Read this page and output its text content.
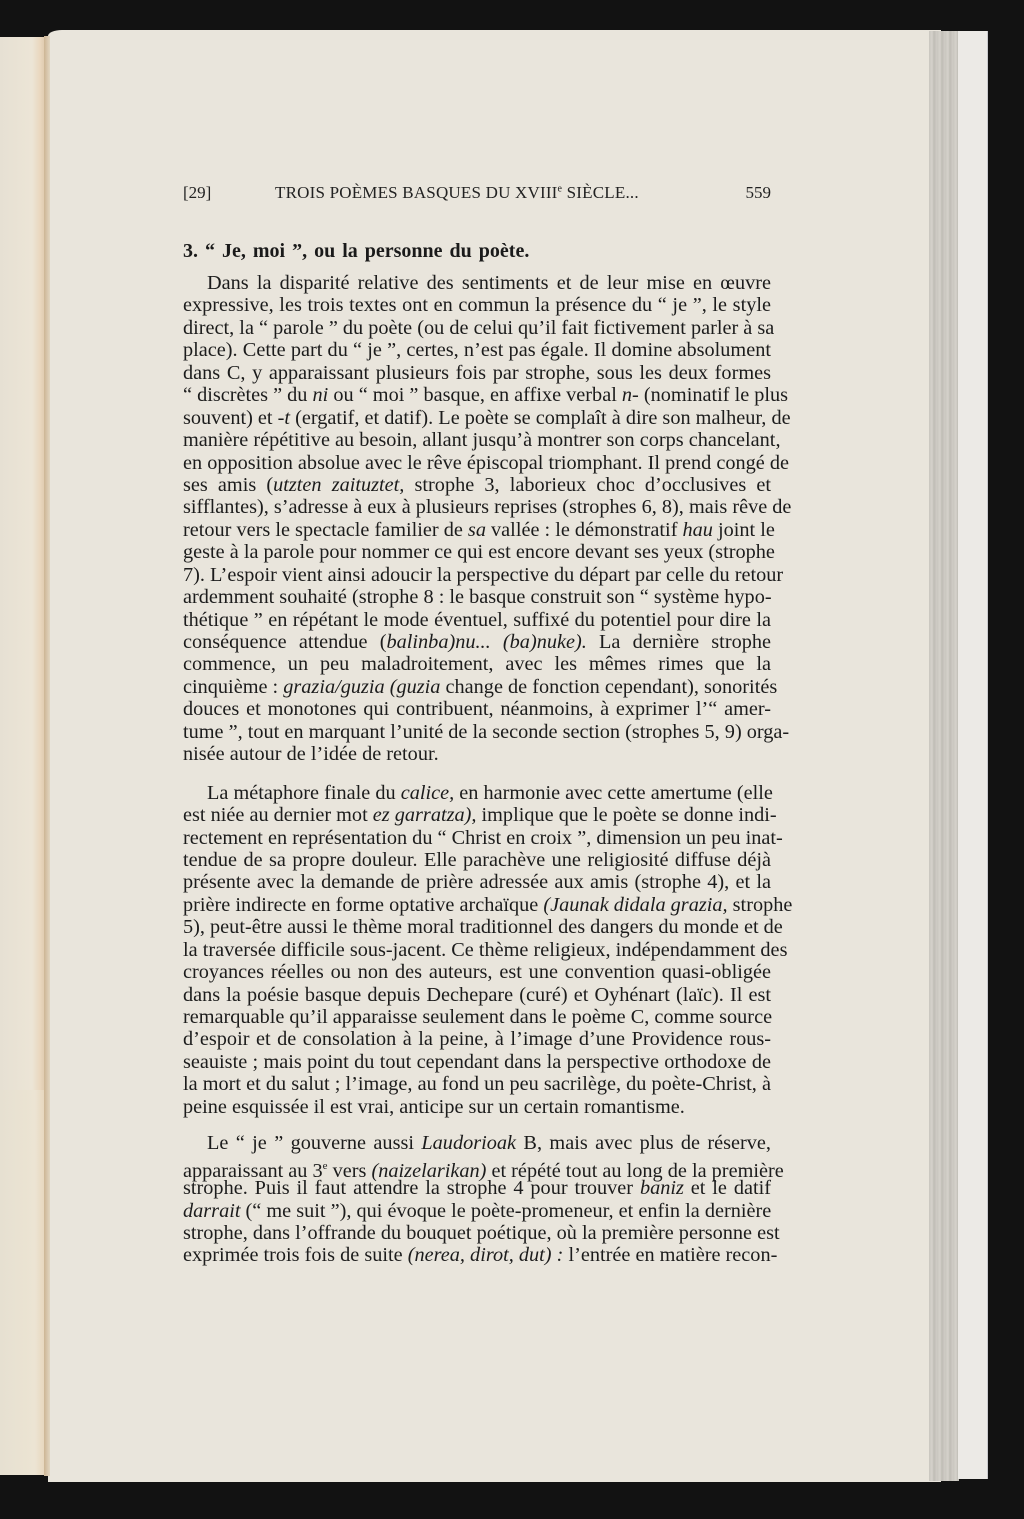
[29]	TROIS POÈMES BASQUES DU XVIIIe SIÈCLE...	559
3. “ Je, moi ”, ou la personne du poète.
Dans la disparité relative des sentiments et de leur mise en œuvre
expressive, les trois textes ont en commun la présence du “ je ”, le style
direct, la “ parole ” du poète (ou de celui qu’il fait fictivement parler à sa
place). Cette part du “ je ”, certes, n’est pas égale. Il domine absolument
dans C, y apparaissant plusieurs fois par strophe, sous les deux formes
“ discrètes ” du ni ou “ moi ” basque, en affixe verbal n- (nominatif le plus
souvent) et -t (ergatif, et datif). Le poète se complaît à dire son malheur, de
manière répétitive au besoin, allant jusqu’à montrer son corps chancelant,
en opposition absolue avec le rêve épiscopal triomphant. Il prend congé de
ses amis (utzten zaituztet, strophe 3, laborieux choc d’occlusives et
sifflantes), s’adresse à eux à plusieurs reprises (strophes 6, 8), mais rêve de
retour vers le spectacle familier de sa vallée : le démonstratif hau joint le
geste à la parole pour nommer ce qui est encore devant ses yeux (strophe
7). L’espoir vient ainsi adoucir la perspective du départ par celle du retour
ardemment souhaité (strophe 8 : le basque construit son “ système hypo-
thétique ” en répétant le mode éventuel, suffixé du potentiel pour dire la
conséquence attendue (balinba)nu... (ba)nuke). La dernière strophe
commence, un peu maladroitement, avec les mêmes rimes que la
cinquième : grazia/guzia (guzia change de fonction cependant), sonorités
douces et monotones qui contribuent, néanmoins, à exprimer l’“ amer-
tume ”, tout en marquant l’unité de la seconde section (strophes 5, 9) orga-
nisée autour de l’idée de retour.
La métaphore finale du calice, en harmonie avec cette amertume (elle
est niée au dernier mot ez garratza), implique que le poète se donne indi-
rectement en représentation du “ Christ en croix ”, dimension un peu inat-
tendue de sa propre douleur. Elle parachève une religiosité diffuse déjà
présente avec la demande de prière adressée aux amis (strophe 4), et la
prière indirecte en forme optative archaïque (Jaunak didala grazia, strophe
5), peut-être aussi le thème moral traditionnel des dangers du monde et de
la traversée difficile sous-jacent. Ce thème religieux, indépendamment des
croyances réelles ou non des auteurs, est une convention quasi-obligée
dans la poésie basque depuis Dechepare (curé) et Oyhénart (laïc). Il est
remarquable qu’il apparaisse seulement dans le poème C, comme source
d’espoir et de consolation à la peine, à l’image d’une Providence rous-
seauiste ; mais point du tout cependant dans la perspective orthodoxe de
la mort et du salut ; l’image, au fond un peu sacrilège, du poète-Christ, à
peine esquissée il est vrai, anticipe sur un certain romantisme.
Le “ je ” gouverne aussi Laudorioak B, mais avec plus de réserve,
apparaissant au 3e vers (naizelarikan) et répété tout au long de la première
strophe. Puis il faut attendre la strophe 4 pour trouver baniz et le datif
darrait (“ me suit ”), qui évoque le poète-promeneur, et enfin la dernière
strophe, dans l’offrande du bouquet poétique, où la première personne est
exprimée trois fois de suite (nerea, dirot, dut) : l’entrée en matière recon-
